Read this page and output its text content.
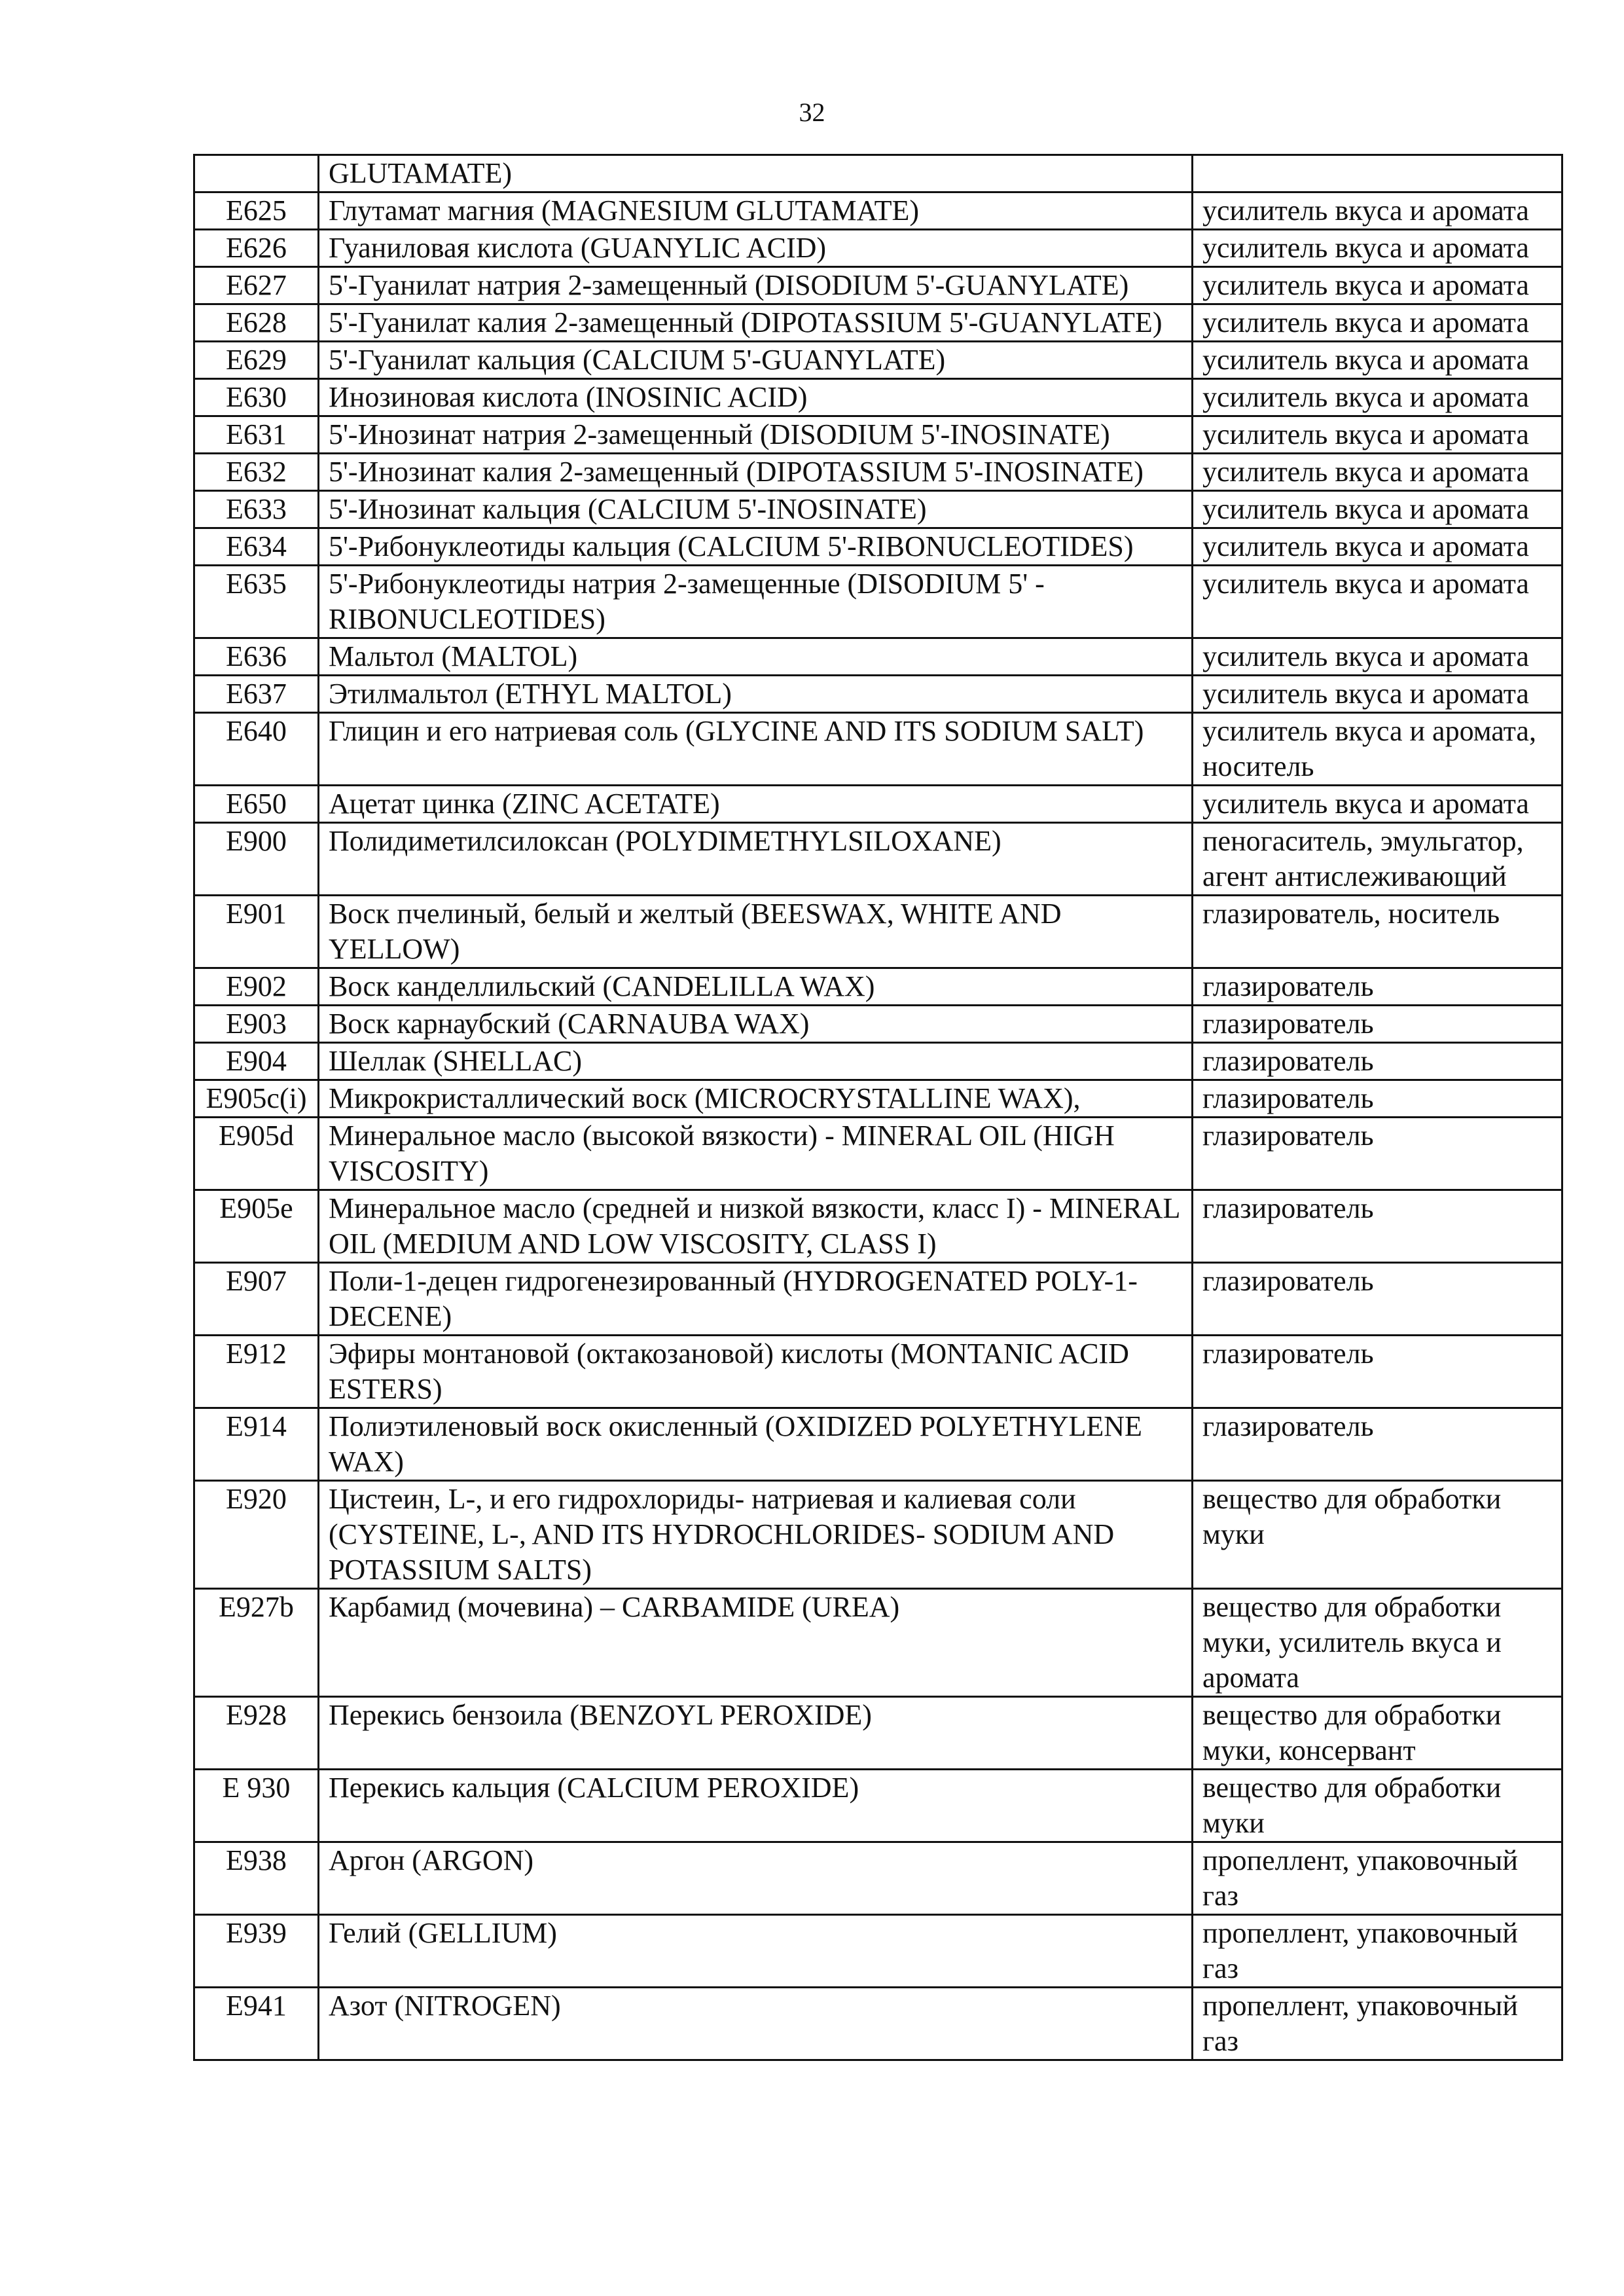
32
	GLUTAMATE)	
E625	Глутамат магния (MAGNESIUM GLUTAMATE)	усилитель вкуса и аромата
E626	Гуаниловая кислота (GUANYLIC ACID)	усилитель вкуса и аромата
E627	5'-Гуанилат натрия 2-замещенный (DISODIUM 5'-GUANYLATE)	усилитель вкуса и аромата
E628	5'-Гуанилат калия 2-замещенный (DIPOTASSIUM 5'-GUANYLATE)	усилитель вкуса и аромата
E629	5'-Гуанилат кальция (CALCIUM 5'-GUANYLATE)	усилитель вкуса и аромата
E630	Инозиновая кислота (INOSINIC ACID)	усилитель вкуса и аромата
E631	5'-Инозинат натрия 2-замещенный (DISODIUM 5'-INOSINATE)	усилитель вкуса и аромата
E632	5'-Инозинат калия 2-замещенный (DIPOTASSIUM 5'-INOSINATE)	усилитель вкуса и аромата
E633	5'-Инозинат кальция (CALCIUM 5'-INOSINATE)	усилитель вкуса и аромата
E634	5'-Рибонуклеотиды кальция (CALCIUM 5'-RIBONUCLEOTIDES)	усилитель вкуса и аромата
E635	5'-Рибонуклеотиды натрия 2-замещенные (DISODIUM 5' - RIBONUCLEOTIDES)	усилитель вкуса и аромата
E636	Мальтол (MALTOL)	усилитель вкуса и аромата
E637	Этилмальтол (ETHYL MALTOL)	усилитель вкуса и аромата
E640	Глицин и его натриевая соль (GLYCINE AND ITS SODIUM SALT)	усилитель вкуса и аромата, носитель
E650	Ацетат цинка (ZINC ACETATE)	усилитель вкуса и аромата
E900	Полидиметилсилоксан (POLYDIMETHYLSILOXANE)	пеногаситель, эмульгатор, агент антислеживающий
E901	Воск пчелиный, белый и желтый (BEESWAX, WHITE AND YELLOW)	глазирователь, носитель
E902	Воск канделлильский (CANDELILLA WAX)	глазирователь
E903	Воск карнаубский (CARNAUBA WAX)	глазирователь
E904	Шеллак (SHELLAC)	глазирователь
E905c(i)	Микрокристаллический воск (MICROCRYSTALLINE WAX),	глазирователь
E905d	Минеральное масло (высокой вязкости) - MINERAL OIL (HIGH VISCOSITY)	глазирователь
E905e	Минеральное масло (средней и низкой вязкости, класс I) - MINERAL OIL (MEDIUM AND LOW VISCOSITY, CLASS I)	глазирователь
E907	Поли-1-децен гидрогенезированный (HYDROGENATED POLY-1-DECENE)	глазирователь
E912	Эфиры монтановой (октакозановой) кислоты (MONTANIC ACID ESTERS)	глазирователь
E914	Полиэтиленовый воск окисленный (OXIDIZED POLYETHYLENE WAX)	глазирователь
E920	Цистеин, L-, и его гидрохлориды- натриевая и калиевая соли (CYSTEINE, L-, AND ITS HYDROCHLORIDES- SODIUM AND POTASSIUM SALTS)	вещество для обработки муки
E927b	Карбамид (мочевина) – CARBAMIDE (UREA)	вещество для обработки муки, усилитель вкуса и аромата
E928	Перекись бензоила (BENZOYL PEROXIDE)	вещество для обработки муки, консервант
E 930	Перекись кальция (CALCIUM PEROXIDE)	вещество для обработки муки
E938	Аргон (ARGON)	пропеллент, упаковочный газ
E939	Гелий (GELLIUM)	пропеллент, упаковочный газ
E941	Азот (NITROGEN)	пропеллент, упаковочный газ
